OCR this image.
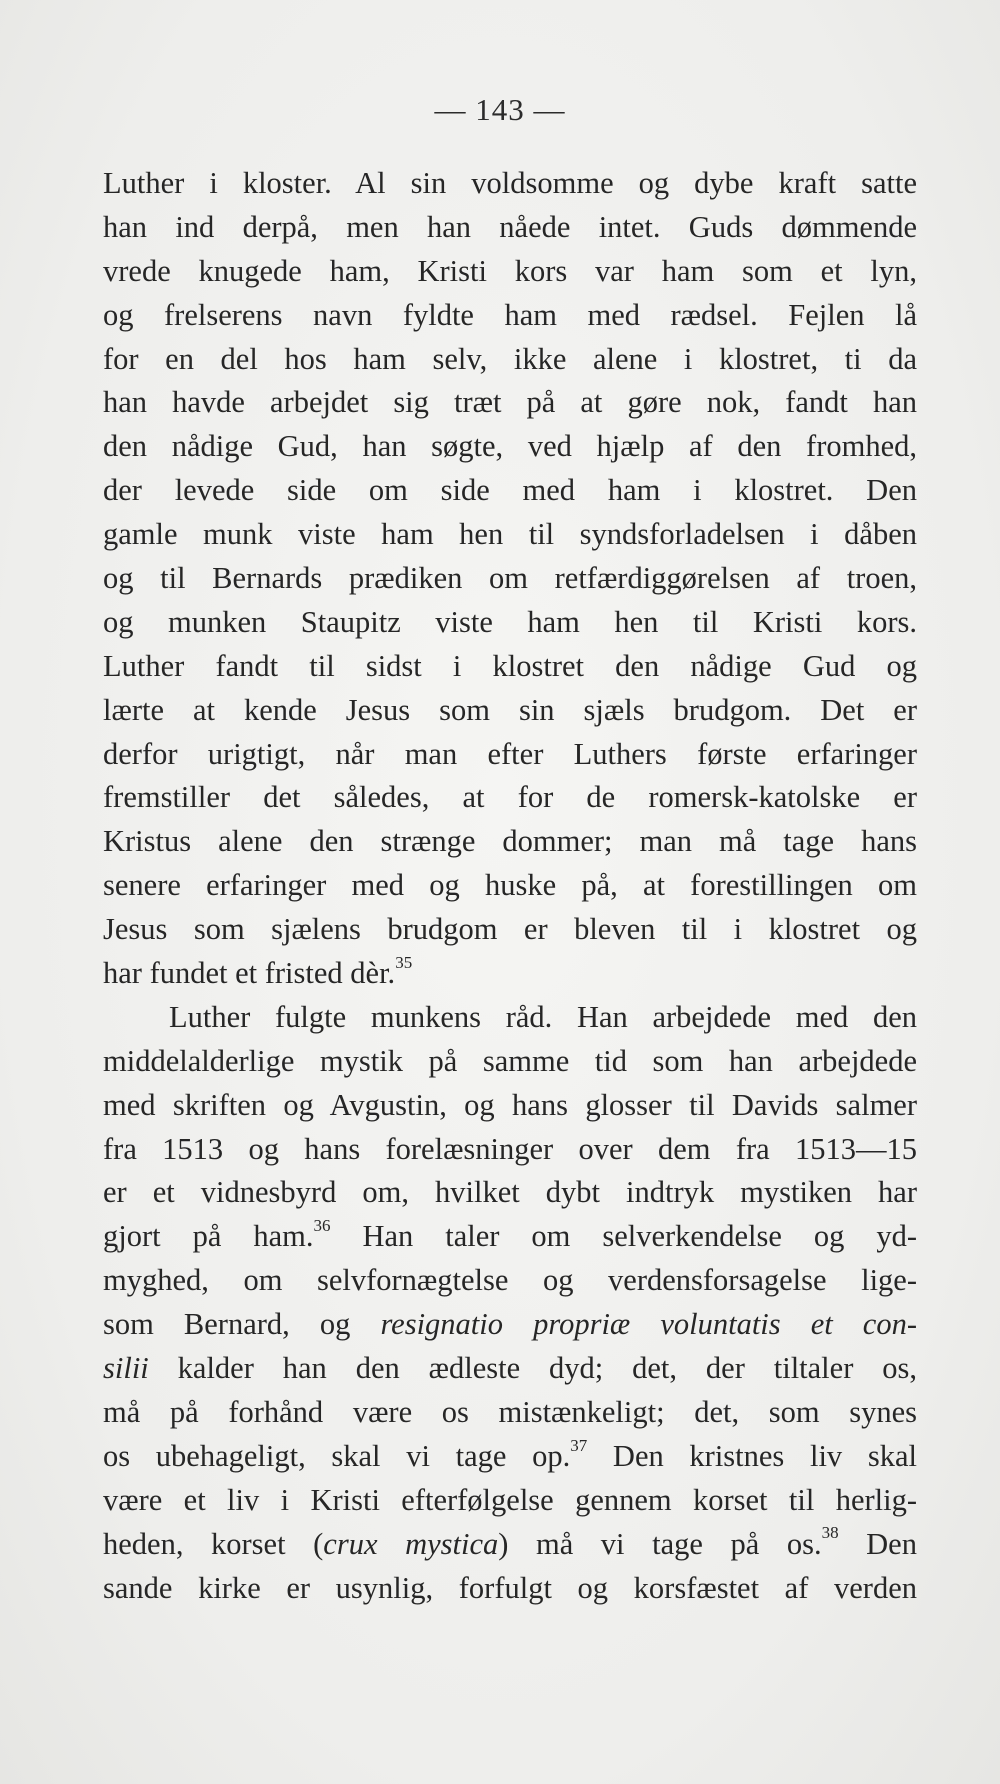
— 143 —
Luther i kloster. Al sin voldsomme og dybe kraft satte
han ind derpå, men han nåede intet. Guds dømmende
vrede knugede ham, Kristi kors var ham som et lyn,
og frelserens navn fyldte ham med rædsel. Fejlen lå
for en del hos ham selv, ikke alene i klostret, ti da
han havde arbejdet sig træt på at gøre nok, fandt han
den nådige Gud, han søgte, ved hjælp af den fromhed,
der levede side om side med ham i klostret. Den
gamle munk viste ham hen til syndsforladelsen i dåben
og til Bernards prædiken om retfærdiggørelsen af troen,
og munken Staupitz viste ham hen til Kristi kors.
Luther fandt til sidst i klostret den nådige Gud og
lærte at kende Jesus som sin sjæls brudgom. Det er
derfor urigtigt, når man efter Luthers første erfaringer
fremstiller det således, at for de romersk-katolske er
Kristus alene den strænge dommer; man må tage hans
senere erfaringer med og huske på, at forestillingen om
Jesus som sjælens brudgom er bleven til i klostret og
har fundet et fristed dèr.$^{35}$
Luther fulgte munkens råd. Han arbejdede med den
middelalderlige mystik på samme tid som han arbejdede
med skriften og Avgustin, og hans glosser til Davids salmer
fra 1513 og hans forelæsninger over dem fra 1513—15
er et vidnesbyrd om, hvilket dybt indtryk mystiken har
gjort på ham.$^{36}$ Han taler om selverkendelse og yd-
myghed, om selvfornægtelse og verdensforsagelse lige-
som Bernard, og resignatio propriæ voluntatis et con-
silii kalder han den ædleste dyd; det, der tiltaler os,
må på forhånd være os mistænkeligt; det, som synes
os ubehageligt, skal vi tage op.$^{37}$ Den kristnes liv skal
være et liv i Kristi efterfølgelse gennem korset til herlig-
heden, korset (crux mystica) må vi tage på os.$^{38}$ Den
sande kirke er usynlig, forfulgt og korsfæstet af verden
